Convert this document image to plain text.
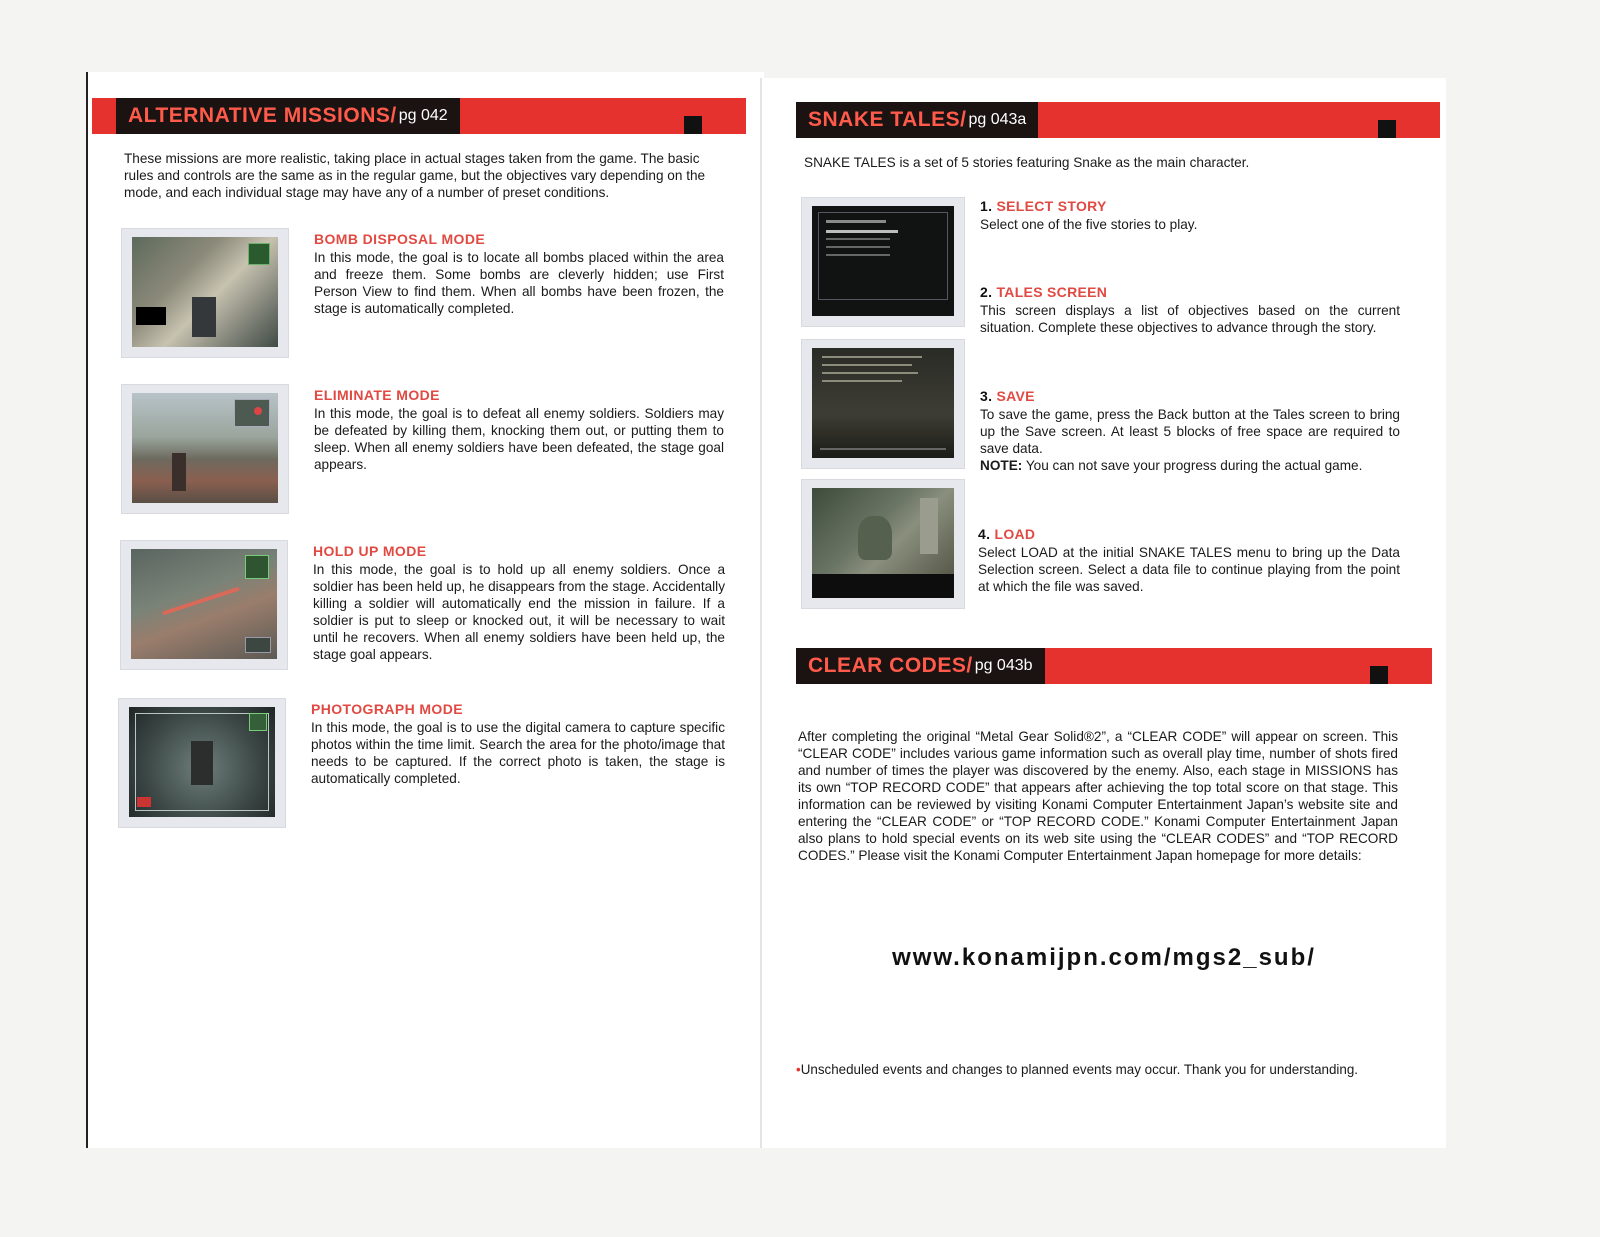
ALTERNATIVE MISSIONS/ pg 042

These missions are more realistic, taking place in actual stages taken from the game. The basic rules and controls are the same as in the regular game, but the objectives vary depending on the mode, and each individual stage may have any of a number of preset conditions.

BOMB DISPOSAL MODE

In this mode, the goal is to locate all bombs placed within the area and freeze them. Some bombs are cleverly hidden; use First Person View to find them. When all bombs have been frozen, the stage is automatically completed.

ELIMINATE MODE

In this mode, the goal is to defeat all enemy soldiers. Soldiers may be defeated by killing them, knocking them out, or putting them to sleep. When all enemy soldiers have been defeated, the stage goal appears.

HOLD UP MODE

In this mode, the goal is to hold up all enemy soldiers. Once a soldier has been held up, he disappears from the stage. Accidentally killing a soldier will automatically end the mission in failure. If a soldier is put to sleep or knocked out, it will be necessary to wait until he recovers. When all enemy soldiers have been held up, the stage goal appears.

PHOTOGRAPH MODE

In this mode, the goal is to use the digital camera to capture specific photos within the time limit. Search the area for the photo/image that needs to be captured. If the correct photo is taken, the stage is automatically completed.

SNAKE TALES/ pg 043a

SNAKE TALES is a set of 5 stories featuring Snake as the main character.

1. SELECT STORY

Select one of the five stories to play.

2. TALES SCREEN

This screen displays a list of objectives based on the current situation. Complete these objectives to advance through the story.

3. SAVE

To save the game, press the Back button at the Tales screen to bring up the Save screen. At least 5 blocks of free space are required to save data.

NOTE: You can not save your progress during the actual game.

4. LOAD

Select LOAD at the initial SNAKE TALES menu to bring up the Data Selection screen. Select a data file to continue playing from the point at which the file was saved.

CLEAR CODES/ pg 043b

After completing the original “Metal Gear Solid®2”, a “CLEAR CODE” will appear on screen. This “CLEAR CODE” includes various game information such as overall play time, number of shots fired and number of times the player was discovered by the enemy. Also, each stage in MISSIONS has its own “TOP RECORD CODE” that appears after achieving the top total score on that stage. This information can be reviewed by visiting Konami Computer Entertainment Japan’s website site and entering the “CLEAR CODE” or “TOP RECORD CODE.” Konami Computer Entertainment Japan also plans to hold special events on its web site using the “CLEAR CODES” and “TOP RECORD CODES.” Please visit the Konami Computer Entertainment Japan homepage for more details:

www.konamijpn.com/mgs2_sub/
•Unscheduled events and changes to planned events may occur. Thank you for understanding.
